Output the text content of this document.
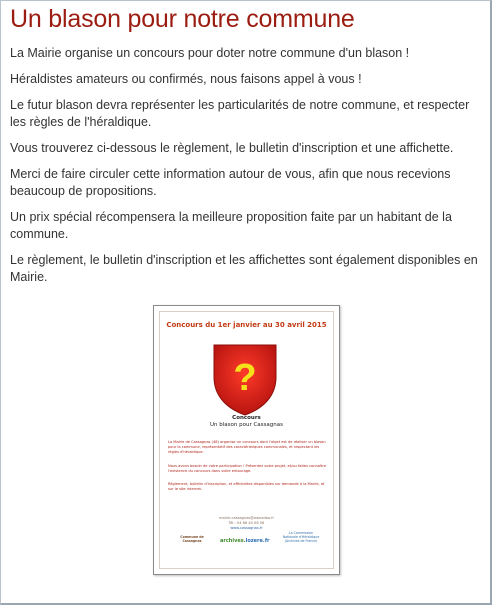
Un blason pour notre commune

La Mairie organise un concours pour doter notre commune d'un blason !

Héraldistes amateurs ou confirmés, nous faisons appel à vous !

Le futur blason devra représenter les particularités de notre commune, et respecter les règles de l'héraldique.

Vous trouverez ci-dessous le règlement, le bulletin d'inscription et une affichette.

Merci de faire circuler cette information autour de vous, afin que nous recevions beaucoup de propositions.

Un prix spécial récompensera la meilleure proposition faite par un habitant de la commune.

Le règlement, le bulletin d'inscription et les affichettes sont également disponibles en Mairie.

Concours du 1er janvier au 30 avril 2015
?
Concours
Un blason pour Cassagnas
La Mairie de Cassagnas (48) organise un concours dont l'objet est de réaliser un blason pour la commune, représentatif des caractéristiques communales, et respectant les règles d'héraldique.
Nous avons besoin de votre participation ! Présentez votre projet, et/ou faites connaître l'existence du concours dans votre entourage.
Règlement, bulletin d'inscription, et affichettes disponibles sur demande à la Mairie, et sur le site internet.
mairie.cassagnas@wanadoo.fr
Tél : 04 66 45 06 56
www.cassagnas.fr
Commune de Cassagnas	archives.lozere.fr
La Commission Nationale d'Héraldique (Archives de France)
